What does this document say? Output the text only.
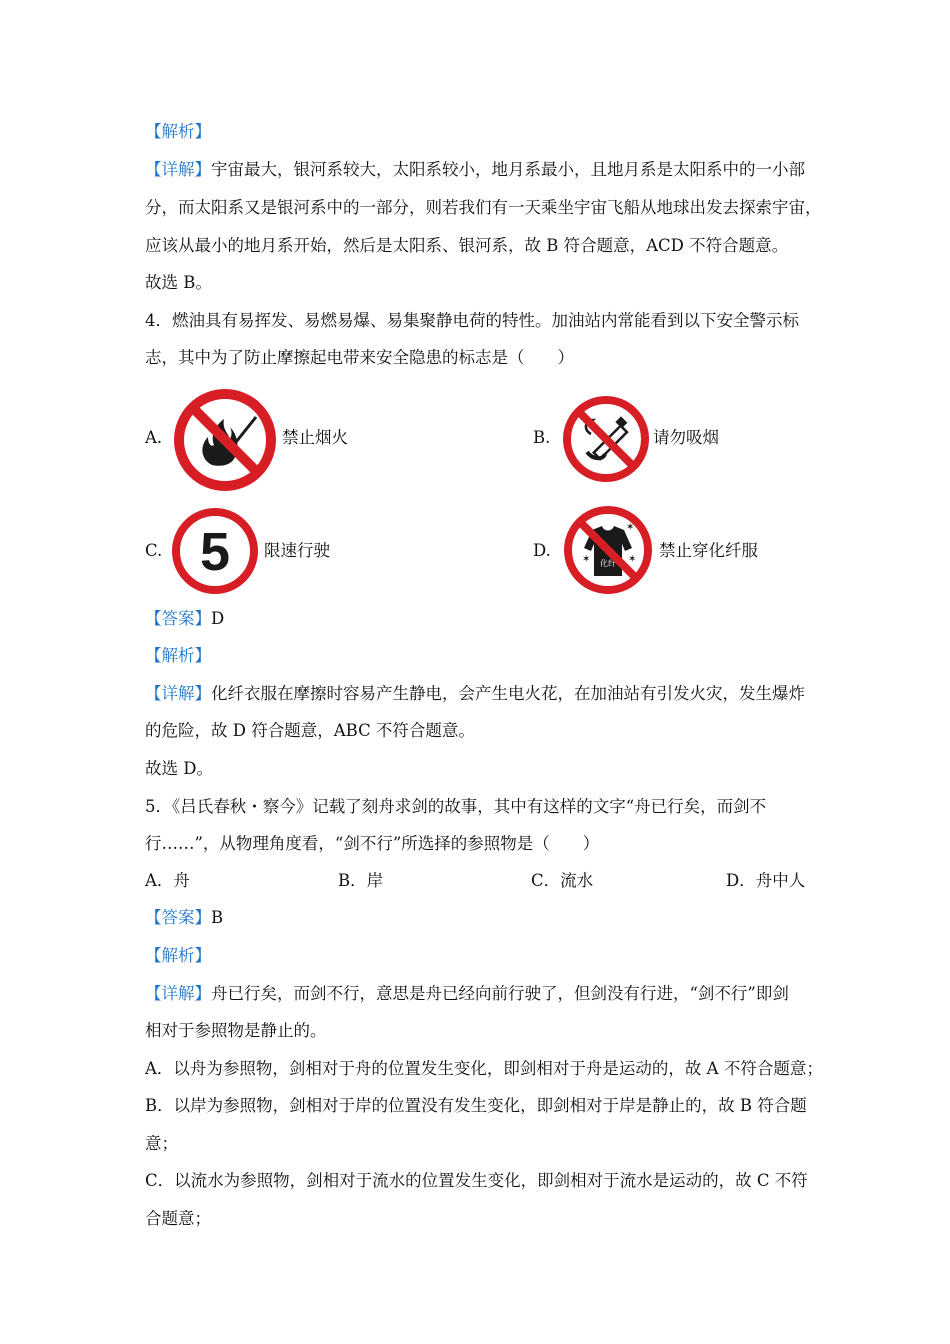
【解析】
【详解】宇宙最大，银河系较大，太阳系较小，地月系最小，且地月系是太阳系中的一小部
分，而太阳系又是银河系中的一部分，则若我们有一天乘坐宇宙飞船从地球出发去探索宇宙，
应该从最小的地月系开始，然后是太阳系、银河系，故 B 符合题意，ACD 不符合题意。
故选 B。
4．燃油具有易挥发、易燃易爆、易集聚静电荷的特性。加油站内常能看到以下安全警示标
志，其中为了防止摩擦起电带来安全隐患的标志是（　　）
A.	禁止烟火	B.	请勿吸烟
C. 5 限速行驶	D.
化纤
✶
✶	✶ 禁止穿化纤服
【答案】D
【解析】
【详解】化纤衣服在摩擦时容易产生静电，会产生电火花，在加油站有引发火灾，发生爆炸
的危险，故 D 符合题意，ABC 不符合题意。
故选 D。
5．《吕氏春秋・察今》记载了刻舟求剑的故事，其中有这样的文字“舟已行矣，而剑不
行……”，从物理角度看，“剑不行”所选择的参照物是（　　）
A．舟	B．岸	C．流水	D．舟中人
【答案】B
【解析】
【详解】舟已行矣，而剑不行，意思是舟已经向前行驶了，但剑没有行进，“剑不行”即剑
相对于参照物是静止的。
A．以舟为参照物，剑相对于舟的位置发生变化，即剑相对于舟是运动的，故 A 不符合题意；
B．以岸为参照物，剑相对于岸的位置没有发生变化，即剑相对于岸是静止的，故 B 符合题
意；
C．以流水为参照物，剑相对于流水的位置发生变化，即剑相对于流水是运动的，故 C 不符
合题意；
